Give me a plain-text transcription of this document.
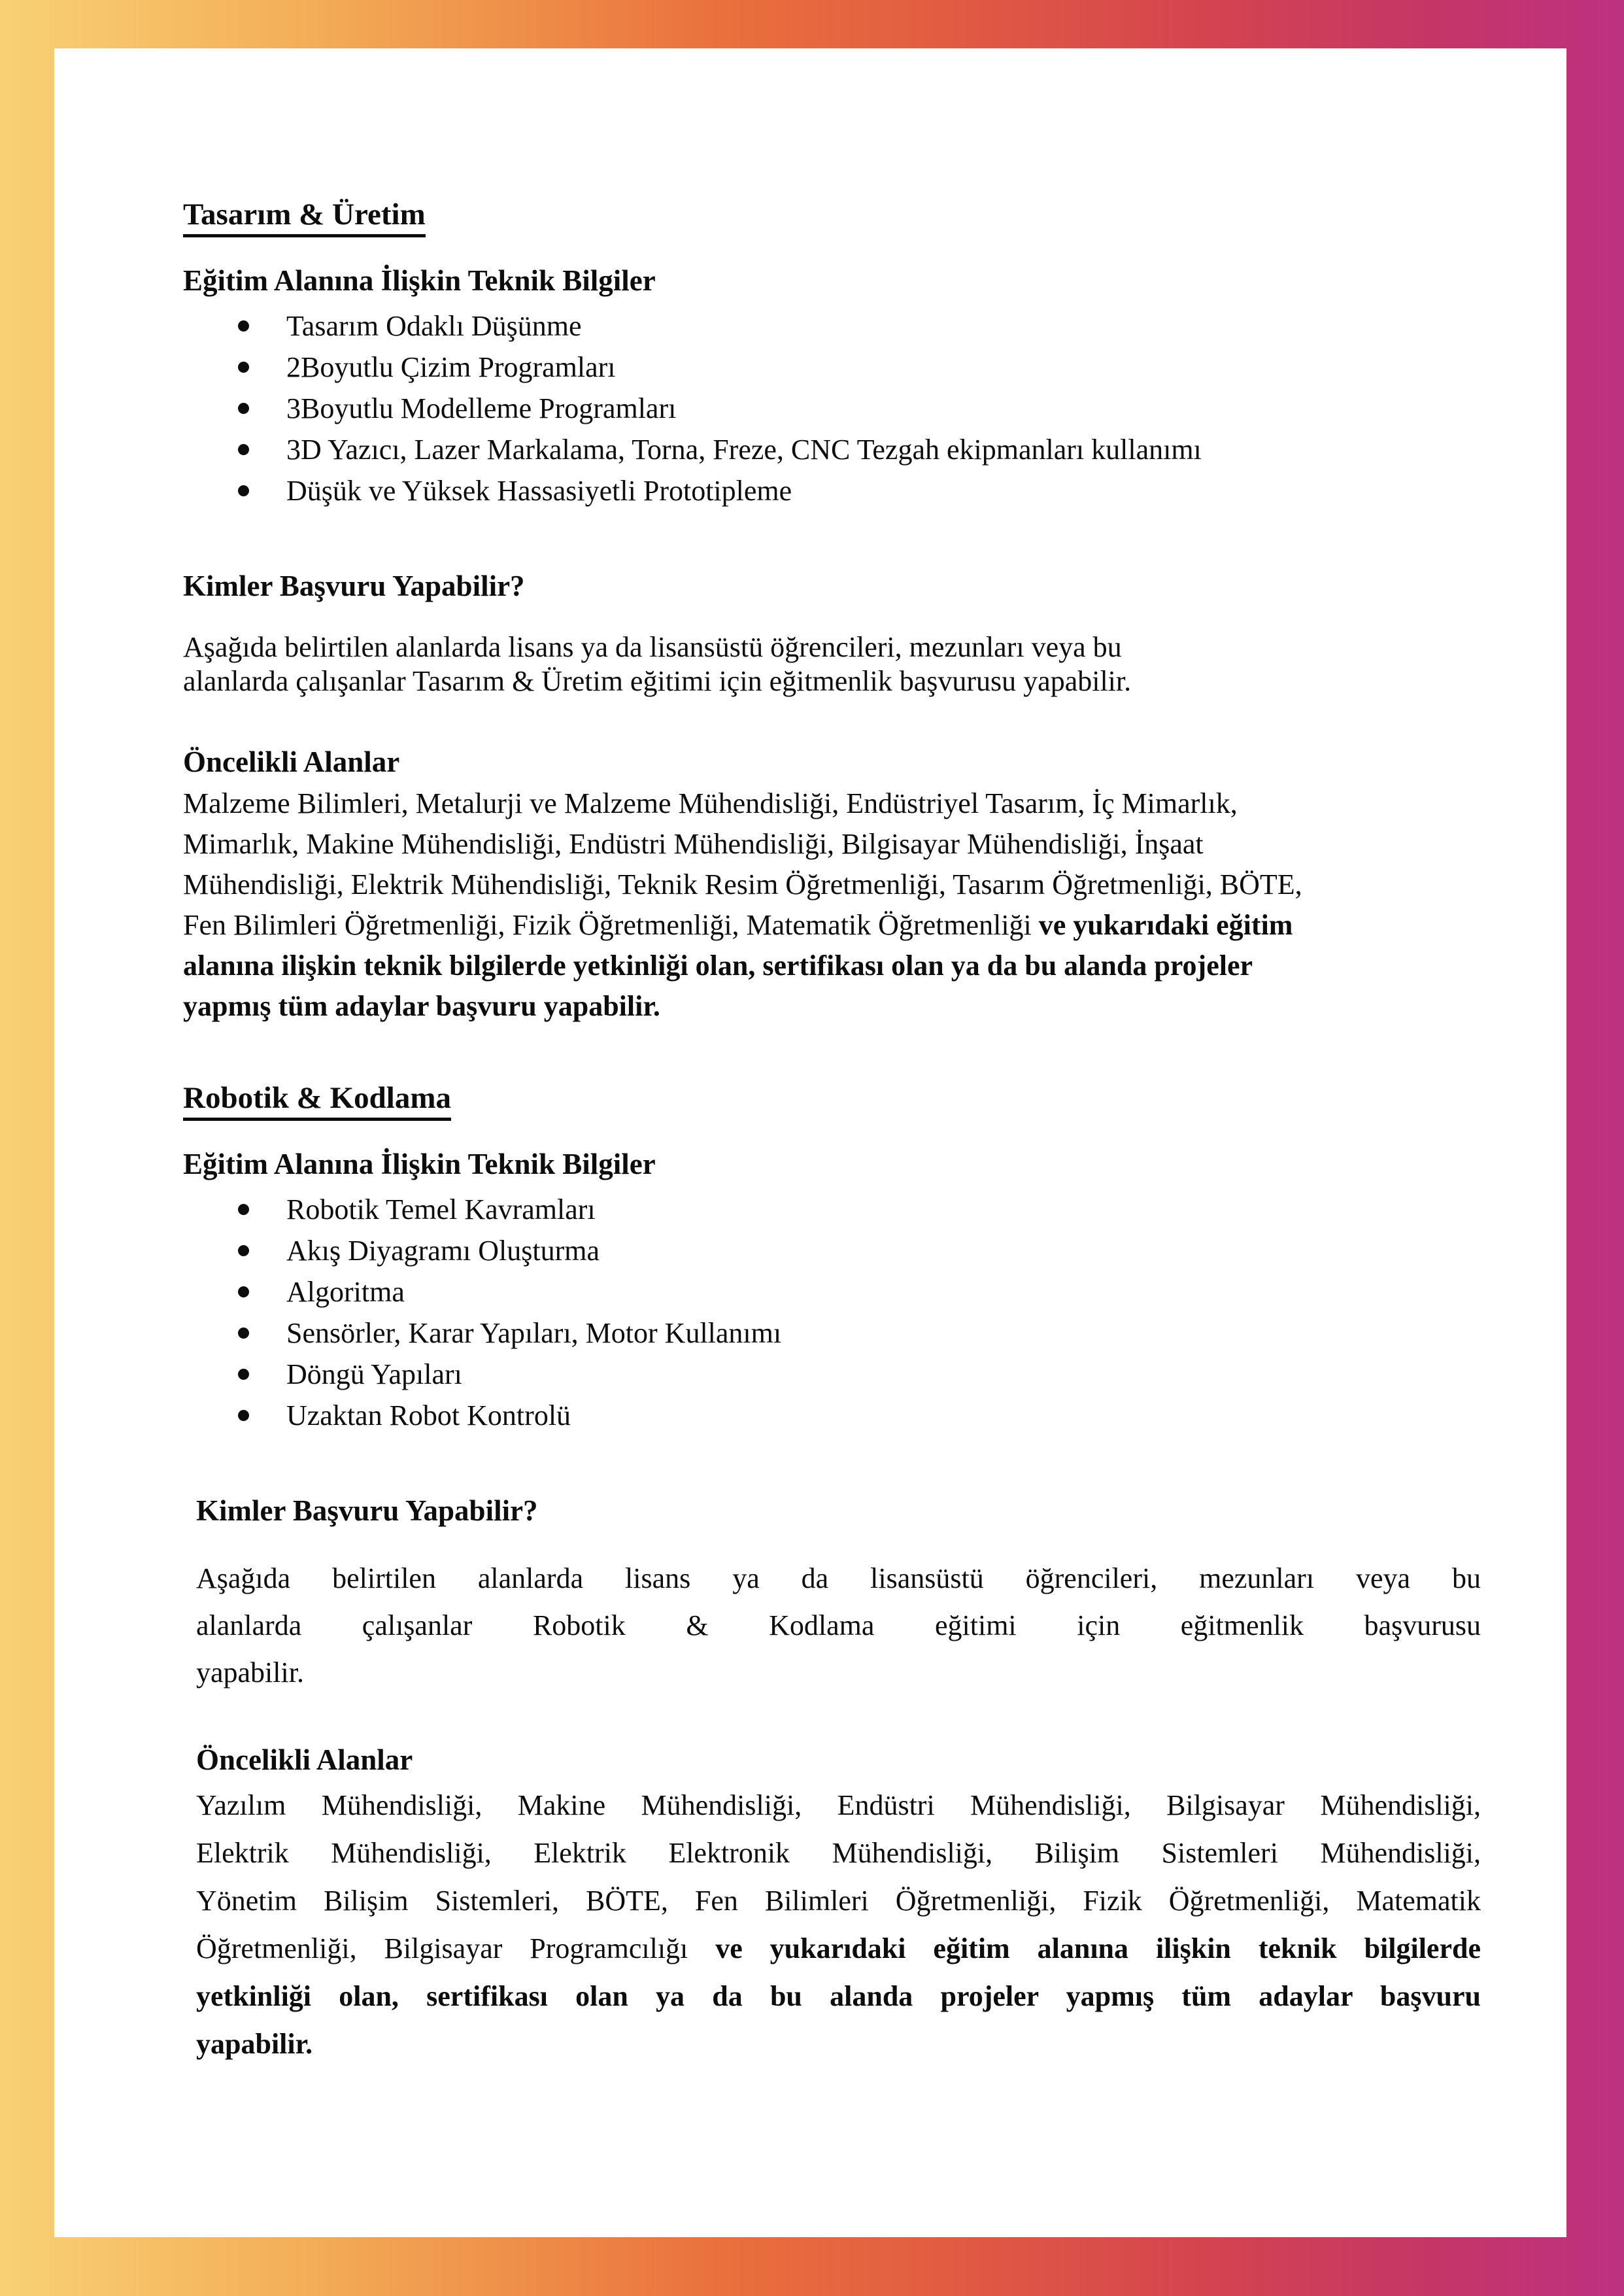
Tasarım & Üretim
Eğitim Alanına İlişkin Teknik Bilgiler
Tasarım Odaklı Düşünme
2Boyutlu Çizim Programları
3Boyutlu Modelleme Programları
3D Yazıcı, Lazer Markalama, Torna, Freze, CNC Tezgah ekipmanları kullanımı
Düşük ve Yüksek Hassasiyetli Prototipleme
Kimler Başvuru Yapabilir?
Aşağıda belirtilen alanlarda lisans ya da lisansüstü öğrencileri, mezunları veya bu
alanlarda çalışanlar Tasarım & Üretim eğitimi için eğitmenlik başvurusu yapabilir.
Öncelikli Alanlar
Malzeme Bilimleri, Metalurji ve Malzeme Mühendisliği, Endüstriyel Tasarım, İç Mimarlık,
Mimarlık, Makine Mühendisliği, Endüstri Mühendisliği, Bilgisayar Mühendisliği, İnşaat
Mühendisliği, Elektrik Mühendisliği, Teknik Resim Öğretmenliği, Tasarım Öğretmenliği, BÖTE,
Fen Bilimleri Öğretmenliği, Fizik Öğretmenliği, Matematik Öğretmenliği ve yukarıdaki eğitim
alanına ilişkin teknik bilgilerde yetkinliği olan, sertifikası olan ya da bu alanda projeler
yapmış tüm adaylar başvuru yapabilir.
Robotik & Kodlama
Eğitim Alanına İlişkin Teknik Bilgiler
Robotik Temel Kavramları
Akış Diyagramı Oluşturma
Algoritma
Sensörler, Karar Yapıları, Motor Kullanımı
Döngü Yapıları
Uzaktan Robot Kontrolü
Kimler Başvuru Yapabilir?
Aşağıda belirtilen alanlarda lisans ya da lisansüstü öğrencileri, mezunları veya bu
alanlarda çalışanlar Robotik & Kodlama eğitimi için eğitmenlik başvurusu
yapabilir.
Öncelikli Alanlar
Yazılım Mühendisliği, Makine Mühendisliği, Endüstri Mühendisliği, Bilgisayar Mühendisliği,
Elektrik Mühendisliği, Elektrik Elektronik Mühendisliği, Bilişim Sistemleri Mühendisliği,
Yönetim Bilişim Sistemleri, BÖTE, Fen Bilimleri Öğretmenliği, Fizik Öğretmenliği, Matematik
Öğretmenliği, Bilgisayar Programcılığı ve yukarıdaki eğitim alanına ilişkin teknik bilgilerde
yetkinliği olan, sertifikası olan ya da bu alanda projeler yapmış tüm adaylar başvuru
yapabilir.
